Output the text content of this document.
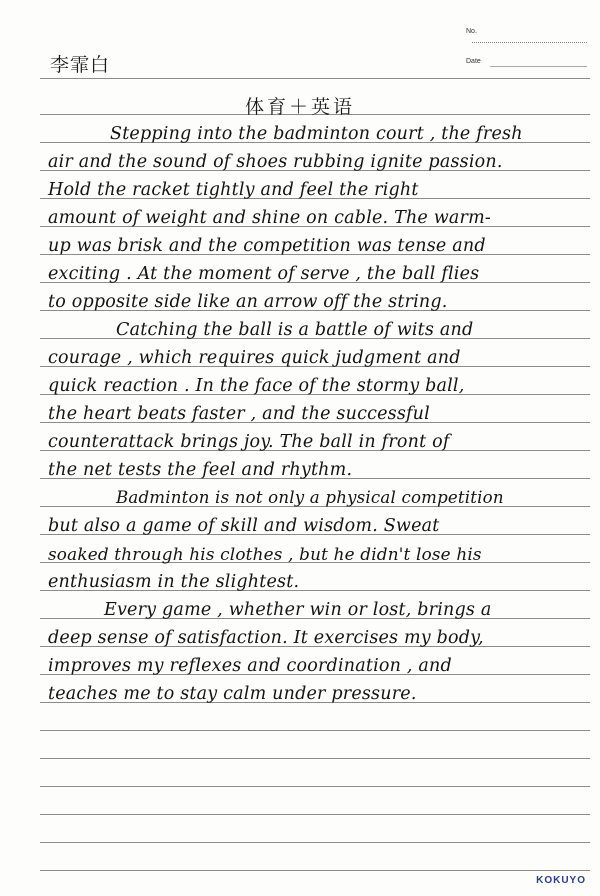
No.
Date
李霏白
体育＋英语
Stepping into the badminton court , the fresh
air and the sound of shoes rubbing ignite passion.
Hold the racket tightly and feel the right
amount of weight and shine on cable. The warm-
up was brisk and the competition was tense and
exciting . At the moment of serve , the ball flies
to opposite side like an arrow off the string.
Catching the ball is a battle of wits and
courage , which requires quick judgment and
quick reaction . In the face of the stormy ball,
the heart beats faster , and the successful
counterattack brings joy. The ball in front of
the net tests the feel and rhythm.
Badminton is not only a physical competition
but also a game of skill and wisdom. Sweat
soaked through his clothes , but he didn't lose his
enthusiasm in the slightest.
Every game , whether win or lost, brings a
deep sense of satisfaction. It exercises my body,
improves my reflexes and coordination , and
teaches me to stay calm under pressure.
KOKUYO
